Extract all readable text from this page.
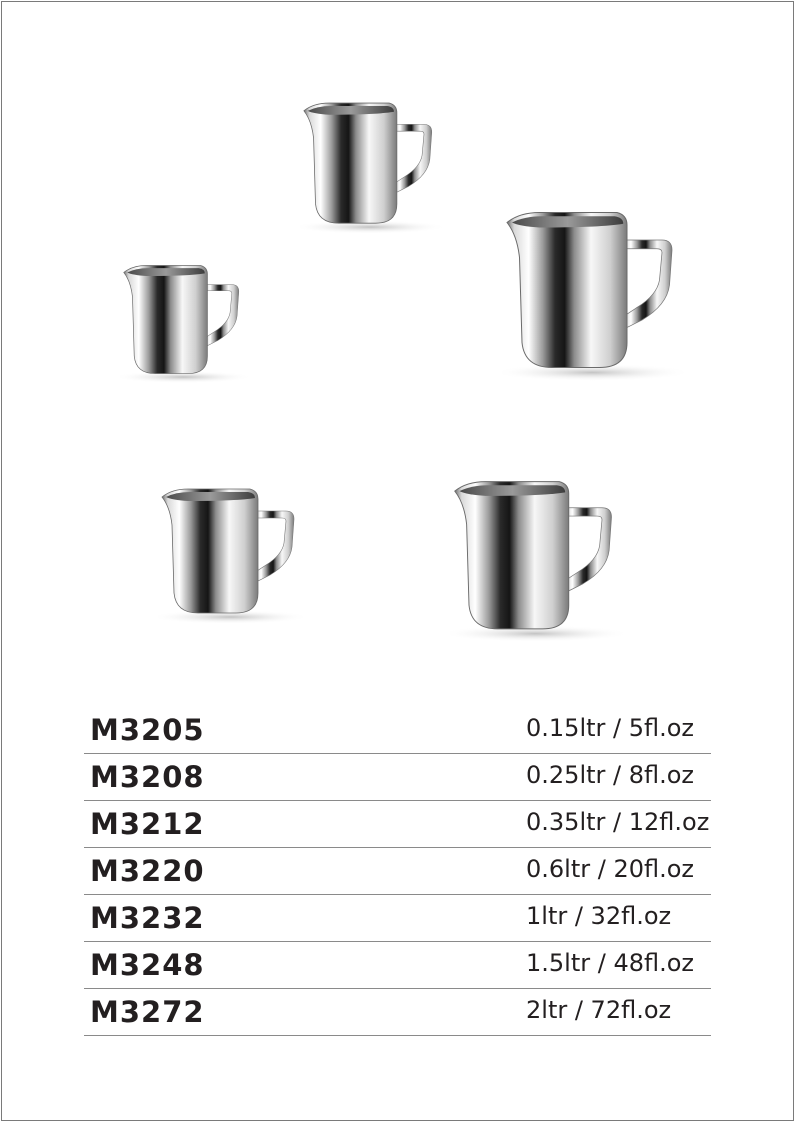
M3205	0.15ltr / 5fl.oz
M3208	0.25ltr / 8fl.oz
M3212	0.35ltr / 12fl.oz
M3220	0.6ltr / 20fl.oz
M3232	1ltr / 32fl.oz
M3248	1.5ltr / 48fl.oz
M3272	2ltr / 72fl.oz
